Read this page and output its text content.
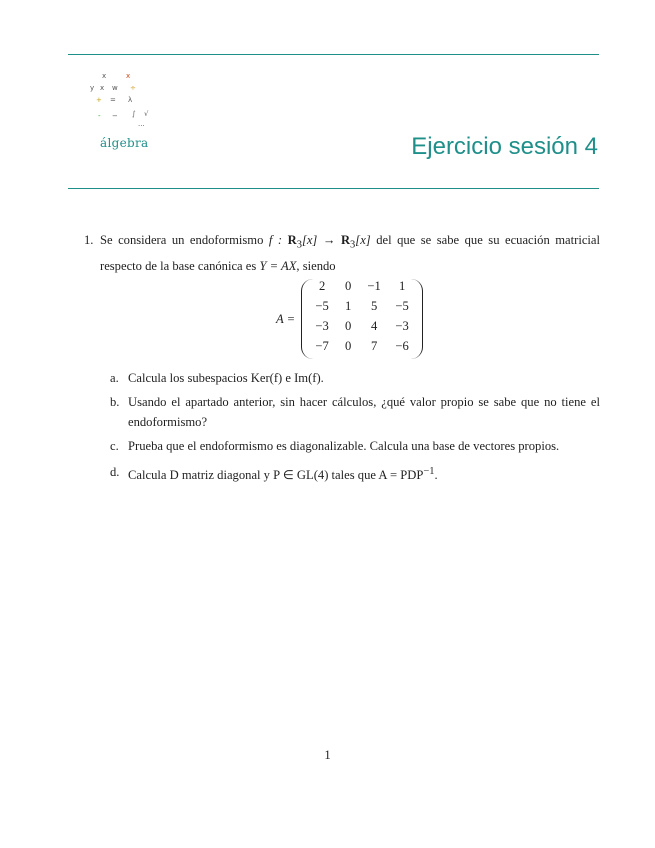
x	x
y x w ÷
+ = λ
- − ∫ √
...
álgebra	Ejercicio sesión 4
1. Se considera un endoformismo f : $R_3[x] \to R_3[x]$ del que se sabe que su ecuación matricial respecto de la base canónica es Y = AX, siendo
A =
2	0	−1	1
−5	1	5	−5
−3	0	4	−3
−7	0	7	−6
a. Calcula los subespacios Ker(f) e Im(f).
b. Usando el apartado anterior, sin hacer cálculos, ¿qué valor propio se sabe que no tiene el endoformismo?
c. Prueba que el endoformismo es diagonalizable. Calcula una base de vectores propios.
d. Calcula D matriz diagonal y P ∈ GL(4) tales que $A = PDP^{-1}$.
1
